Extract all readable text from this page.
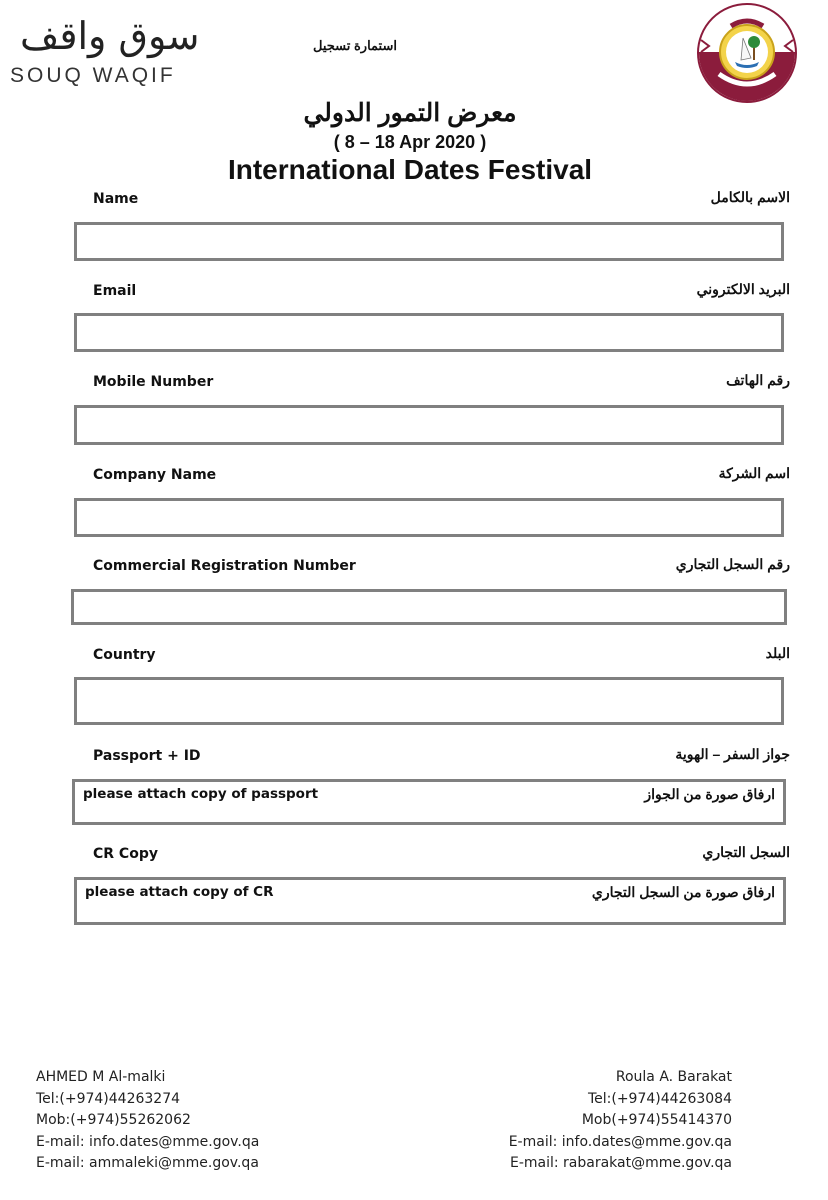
سوق واقف
SOUQ WAQIF
استمارة تسجيل
معرض التمور الدولي
( 8 – 18 Apr 2020 )
International Dates Festival
Name	الاسم بالكامل
Email	البريد الالكتروني
Mobile Number	رقم الهاتف
Company Name	اسم الشركة
Commercial Registration Number	رقم السجل التجاري
Country	البلد
Passport + ID	جواز السفر – الهوية
please attach copy of passport	ارفاق صورة من الجواز
CR Copy	السجل التجاري
please attach copy of CR	ارفاق صورة من السجل التجاري
AHMED M Al-malki
Tel:(+974)44263274
Mob:(+974)55262062
E-mail: info.dates@mme.gov.qa
E-mail: ammaleki@mme.gov.qa
Roula A. Barakat
Tel:(+974)44263084
Mob(+974)55414370
E-mail: info.dates@mme.gov.qa
E-mail: rabarakat@mme.gov.qa
